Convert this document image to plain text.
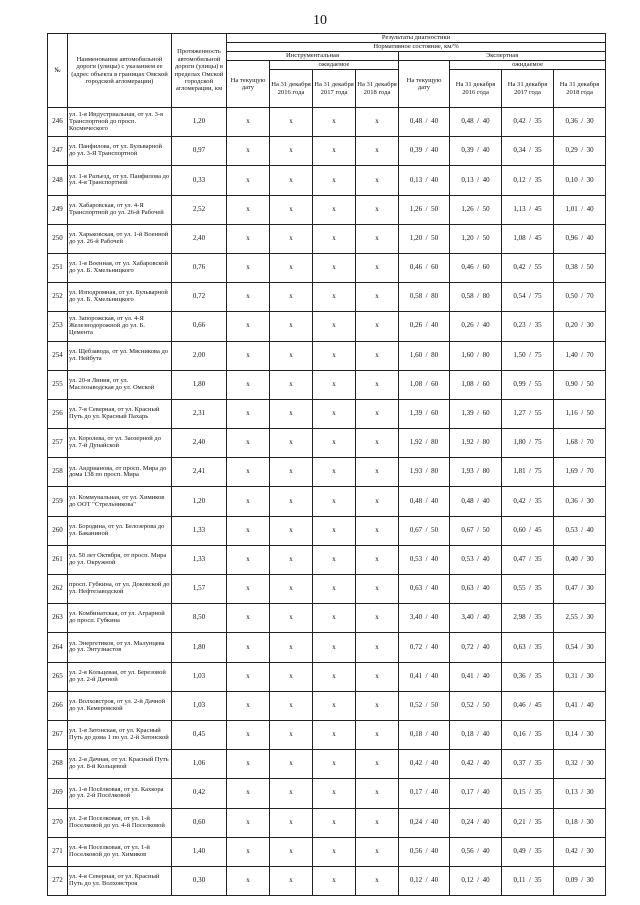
10
№	Наименования автомобильной дороги (улицы) с указанием ее (адрес объекта в границах Омской городской агломерации)	Протяженность автомобильной дороги (улицы) в пределах Омской городской агломерации, км	Результаты диагностики							
			Нормативное состояние, км/%							
			Инструментальная				Экспертная			
			На текущую дату	ожидаемое			На текущую дату	ожидаемое		
				На 31 декабря 2016 года	На 31 декабря 2017 года	На 31 декабря 2018 года		На 31 декабря 2016 года	На 31 декабря 2017 года	На 31 декабря 2018 года
246	ул. 1-я Индустриальная, от ул. 3-я Транспортной до просп. Космического	1,20	x	x	x	x	0,48  /  40	0,48  /  40	0,42  /  35	0,36  /  30
247	ул. Панфилова, от ул. Бульварной до ул. 3-Я Транспортной	0,97	x	x	x	x	0,39  /  40	0,39  /  40	0,34  /  35	0,29  /  30
248	ул. 1-я Разъезд, от ул. Панфилова до ул. 4-я Транспортной	0,33	x	x	x	x	0,13  /  40	0,13  /  40	0,12  /  35	0,10  /  30
249	ул. Хабаровская, от ул. 4-Я Транспортной до ул. 26-й Рабочей	2,52	x	x	x	x	1,26  /  50	1,26  /  50	1,13  /  45	1,01  /  40
250	ул. Харьковская, от ул. 1-й Военной до ул. 26-й Рабочей	2,40	x	x	x	x	1,20  /  50	1,20  /  50	1,08  /  45	0,96  /  40
251	ул. 1-я Военная, от ул. Хабаровской до ул. Б. Хмельницкого	0,76	x	x	x	x	0,46  /  60	0,46  /  60	0,42  /  55	0,38  /  50
252	ул. Изподромная, от ул. Бульварной до ул. Б. Хмельницкого	0,72	x	x	x	x	0,58  /  80	0,58  /  80	0,54  /  75	0,50  /  70
253	ул. Запорожская, от ул. 4-Я Железнодорожной до ул. Б. Цемента	0,66	x	x	x	x	0,26  /  40	0,26  /  40	0,23  /  35	0,20  /  30
254	ул. Щебзавода, от ул. Мясникова до ул. Нейбута	2,00	x	x	x	x	1,60  /  80	1,60  /  80	1,50  /  75	1,40  /  70
255	ул. 20-я Линия, от ул. Маслозаводская до ул. Омской	1,80	x	x	x	x	1,08  /  60	1,08  /  60	0,99  /  55	0,90  /  50
256	ул. 7-я Северная, от ул. Красный Путь до ул. Красный Пахарь	2,31	x	x	x	x	1,39  /  60	1,39  /  60	1,27  /  55	1,16  /  50
257	ул. Королева, от ул. Заозерной до ул. 7-й Дунайской	2,40	x	x	x	x	1,92  /  80	1,92  /  80	1,80  /  75	1,68  /  70
258	ул. Андрианова, от просп. Мира до дома 138 по просп. Мира	2,41	x	x	x	x	1,93  /  80	1,93  /  80	1,81  /  75	1,69  /  70
259	ул. Коммунальная, от ул. Химиков до ООТ "Стрельникова"	1,20	x	x	x	x	0,48  /  40	0,48  /  40	0,42  /  35	0,36  /  30
260	ул. Бородина, от ул. Белозерова до ул. Баканиной	1,33	x	x	x	x	0,67  /  50	0,67  /  50	0,60  /  45	0,53  /  40
261	ул. 50 лет Октября, от просп. Мира до ул. Окружной	1,33	x	x	x	x	0,53  /  40	0,53  /  40	0,47  /  35	0,40  /  30
262	просп. Губкина, от ул. Доковской до ул. Нефтезаводской	1,57	x	x	x	x	0,63  /  40	0,63  /  40	0,55  /  35	0,47  /  30
263	ул. Комбинатская, от ул. Аграрной до просп. Губкина	8,50	x	x	x	x	3,40  /  40	3,40  /  40	2,98  /  35	2,55  /  30
264	ул. Энергетиков, от ул. Малунцева до ул. Энтузиастов	1,80	x	x	x	x	0,72  /  40	0,72  /  40	0,63  /  35	0,54  /  30
265	ул. 2-я Кольцевая, от ул. Березовой до ул. 2-й Дачной	1,03	x	x	x	x	0,41  /  40	0,41  /  40	0,36  /  35	0,31  /  30
266	ул. Волховстроя, от ул. 2-й Дачной до ул. Кемеровской	1,03	x	x	x	x	0,52  /  50	0,52  /  50	0,46  /  45	0,41  /  40
267	ул. 1-я Затонская, от ул. Красный Путь до дома 1 по ул. 2-й Затонской	0,45	x	x	x	x	0,18  /  40	0,18  /  40	0,16  /  35	0,14  /  30
268	ул. 2-я Дачная, от ул. Красный Путь до ул. 8-й Кольцевой	1,06	x	x	x	x	0,42  /  40	0,42  /  40	0,37  /  35	0,32  /  30
269	ул. 1-я Посёлковая, от ул. Кахкора до ул. 2-й Посёлковой	0,42	x	x	x	x	0,17  /  40	0,17  /  40	0,15  /  35	0,13  /  30
270	ул. 2-я Поселковая, от ул. 1-й Поселковой до ул. 4-й Поселковой	0,60	x	x	x	x	0,24  /  40	0,24  /  40	0,21  /  35	0,18  /  30
271	ул. 4-я Поселковая, от ул. 1-й Поселковой до ул. Химиков	1,40	x	x	x	x	0,56  /  40	0,56  /  40	0,49  /  35	0,42  /  30
272	ул. 4-я Северная, от ул. Красный Путь до ул. Волховстроя	0,30	x	x	x	x	0,12  /  40	0,12  /  40	0,11  /  35	0,09  /  30
